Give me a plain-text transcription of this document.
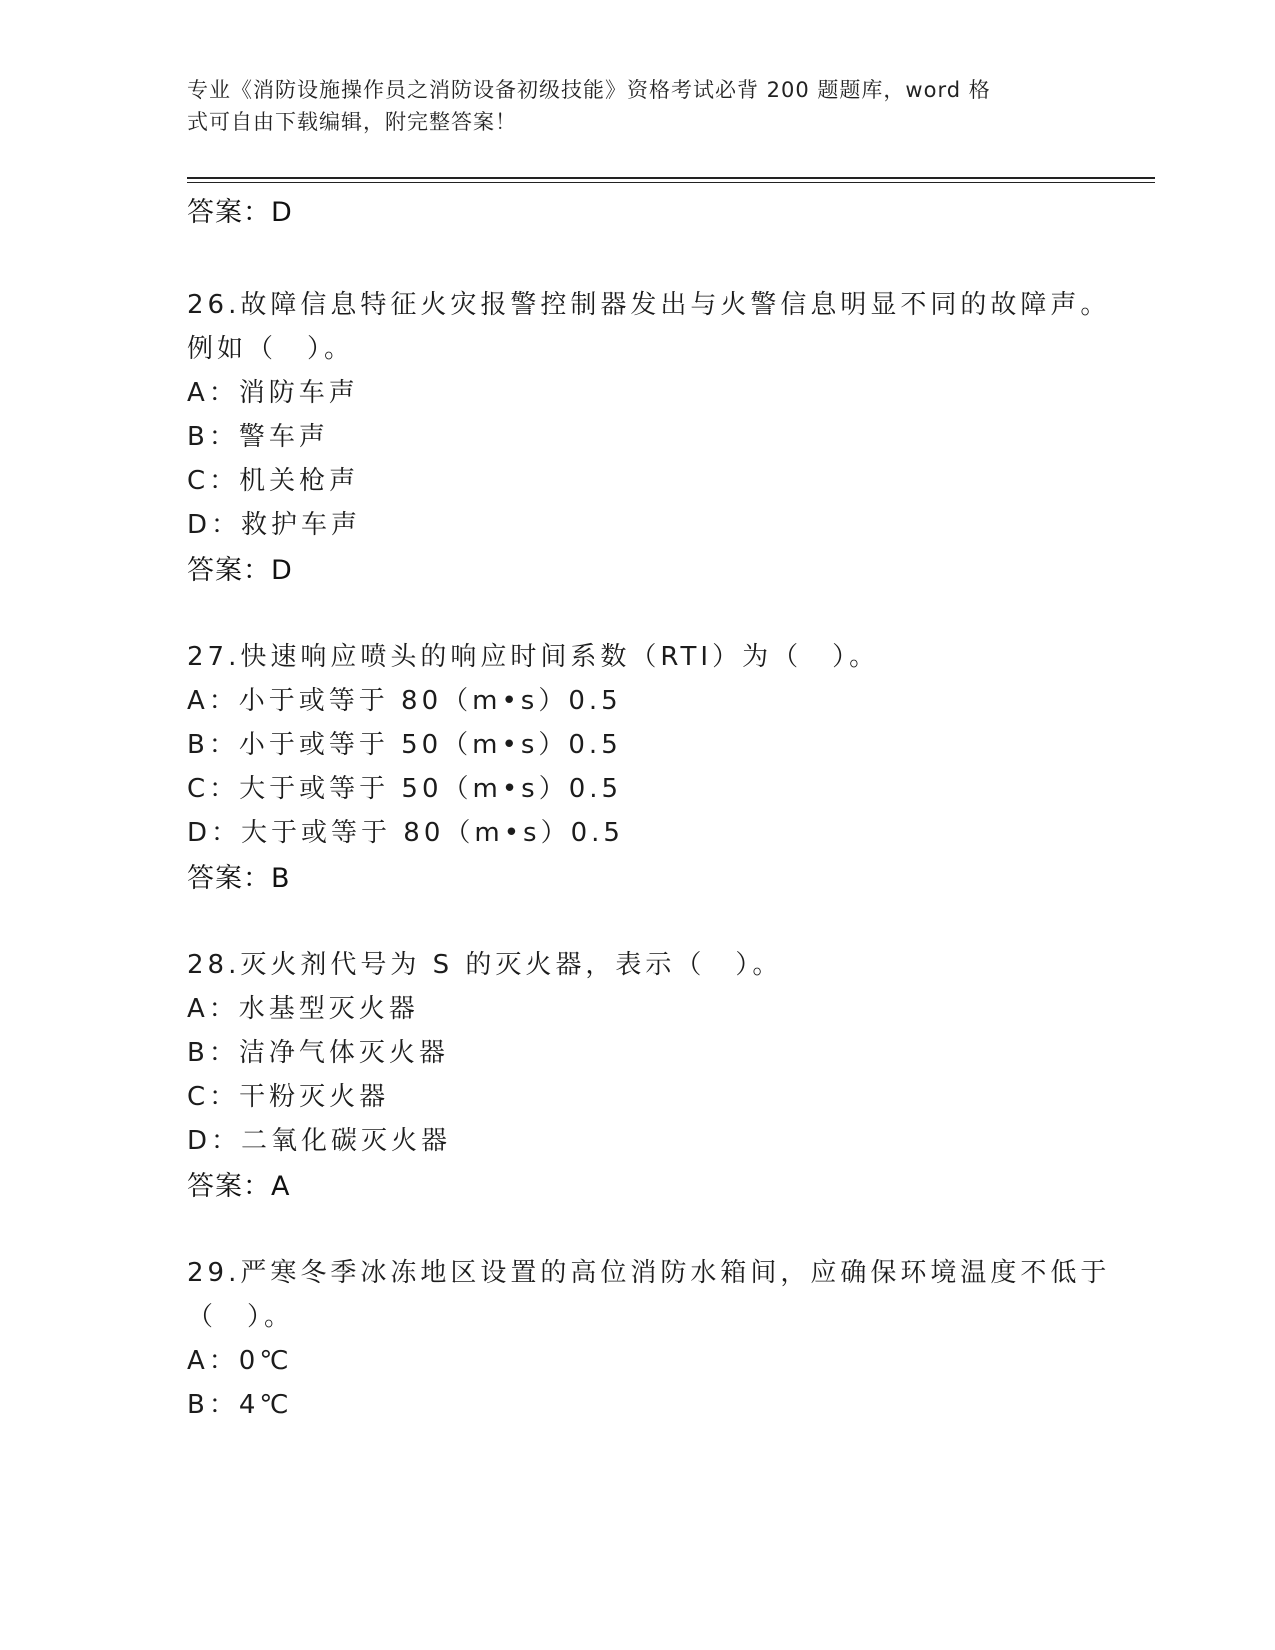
专业《消防设施操作员之消防设备初级技能》资格考试必背 200 题题库，word 格
式可自由下载编辑，附完整答案！
答案：D
26.故障信息特征火灾报警控制器发出与火警信息明显不同的故障声。
例如（　）。
A：消防车声
B：警车声
C：机关枪声
D：救护车声
答案：D
27.快速响应喷头的响应时间系数（RTI）为（　）。
A：小于或等于 80（m•s）0.5
B：小于或等于 50（m•s）0.5
C：大于或等于 50（m•s）0.5
D：大于或等于 80（m•s）0.5
答案：B
28.灭火剂代号为 S 的灭火器，表示（　）。
A：水基型灭火器
B：洁净气体灭火器
C：干粉灭火器
D：二氧化碳灭火器
答案：A
29.严寒冬季冰冻地区设置的高位消防水箱间，应确保环境温度不低于
（　）。
A：0℃
B：4℃
